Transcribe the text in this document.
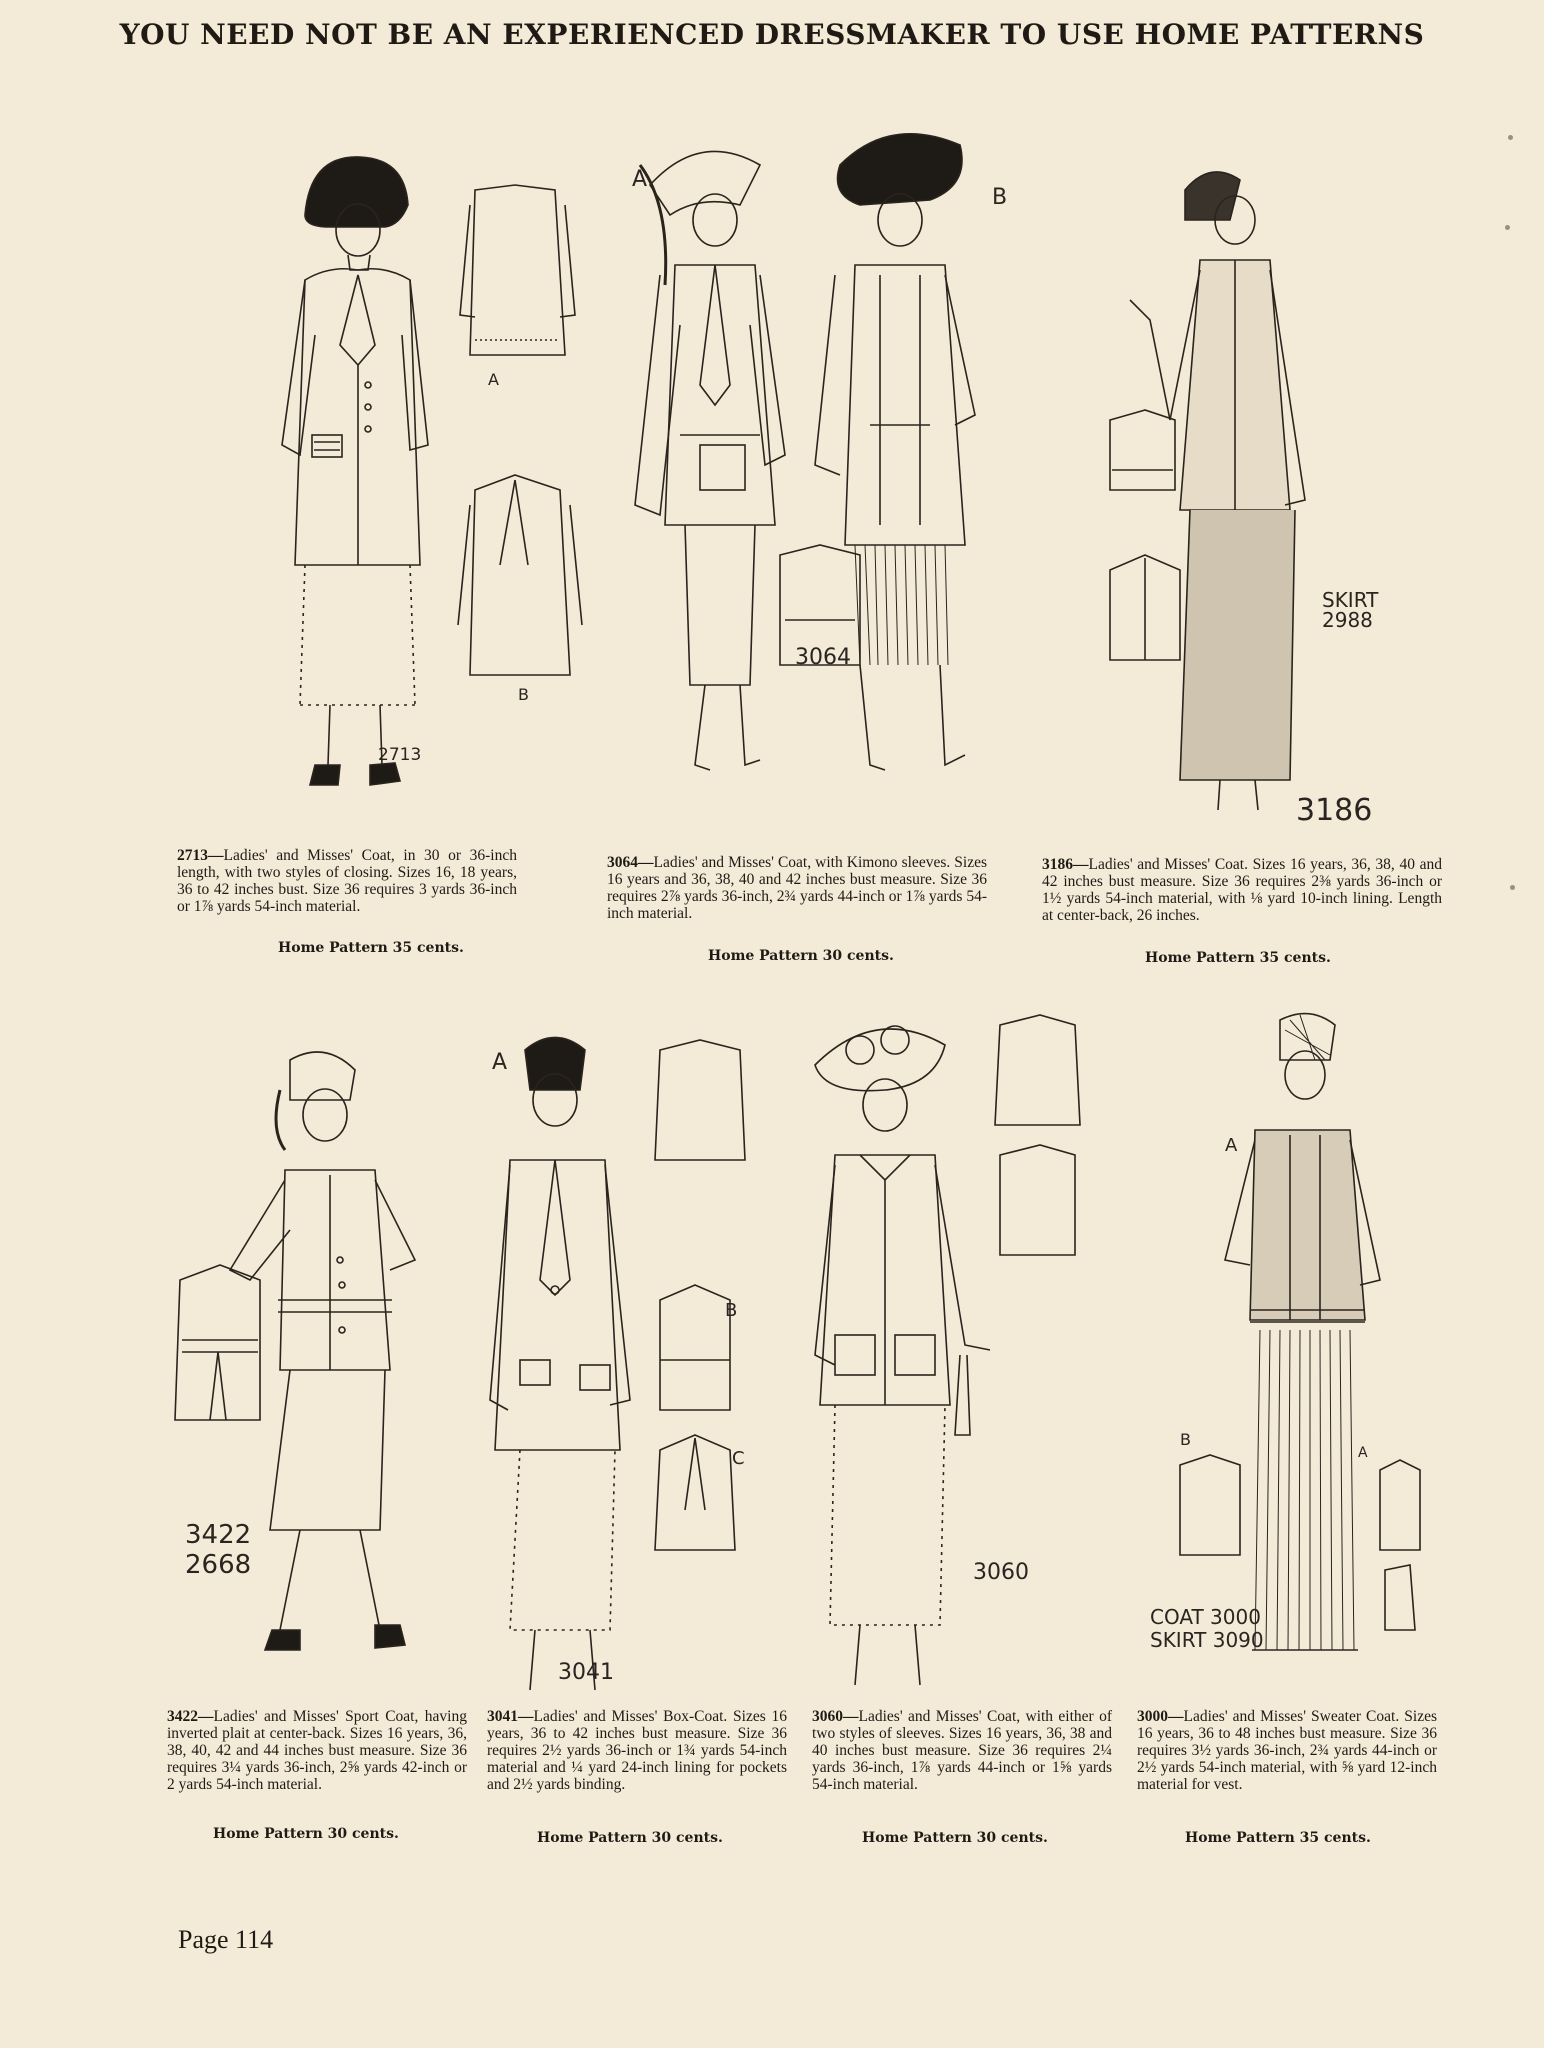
YOU NEED NOT BE AN EXPERIENCED DRESSMAKER TO USE HOME PATTERNS
A
B
2713
A
B
3064
SKIRT 2988
3186
2713—Ladies' and Misses' Coat, in 30 or 36-inch length, with two styles of closing. Sizes 16, 18 years, 36 to 42 inches bust. Size 36 requires 3 yards 36-inch or 1⅞ yards 54-inch material.
Home Pattern 35 cents.
3064—Ladies' and Misses' Coat, with Kimono sleeves. Sizes 16 years and 36, 38, 40 and 42 inches bust measure. Size 36 requires 2⅞ yards 36-inch, 2¾ yards 44-inch or 1⅞ yards 54-inch material.
Home Pattern 30 cents.
3186—Ladies' and Misses' Coat. Sizes 16 years, 36, 38, 40 and 42 inches bust measure. Size 36 requires 2⅜ yards 36-inch or 1½ yards 54-inch material, with ⅛ yard 10-inch lining. Length at center-back, 26 inches.
Home Pattern 35 cents.
3422
2668
A
B
C
3041
3060
A
B
A
COAT 3000
SKIRT 3090
3422—Ladies' and Misses' Sport Coat, having inverted plait at center-back. Sizes 16 years, 36, 38, 40, 42 and 44 inches bust measure. Size 36 requires 3¼ yards 36-inch, 2⅝ yards 42-inch or 2 yards 54-inch material.
Home Pattern 30 cents.
3041—Ladies' and Misses' Box-Coat. Sizes 16 years, 36 to 42 inches bust measure. Size 36 requires 2½ yards 36-inch or 1¾ yards 54-inch material and ¼ yard 24-inch lining for pockets and 2½ yards binding.
Home Pattern 30 cents.
3060—Ladies' and Misses' Coat, with either of two styles of sleeves. Sizes 16 years, 36, 38 and 40 inches bust measure. Size 36 requires 2¼ yards 36-inch, 1⅞ yards 44-inch or 1⅝ yards 54-inch material.
Home Pattern 30 cents.
3000—Ladies' and Misses' Sweater Coat. Sizes 16 years, 36 to 48 inches bust measure. Size 36 requires 3½ yards 36-inch, 2¾ yards 44-inch or 2½ yards 54-inch material, with ⅝ yard 12-inch material for vest.
Home Pattern 35 cents.
Page 114
